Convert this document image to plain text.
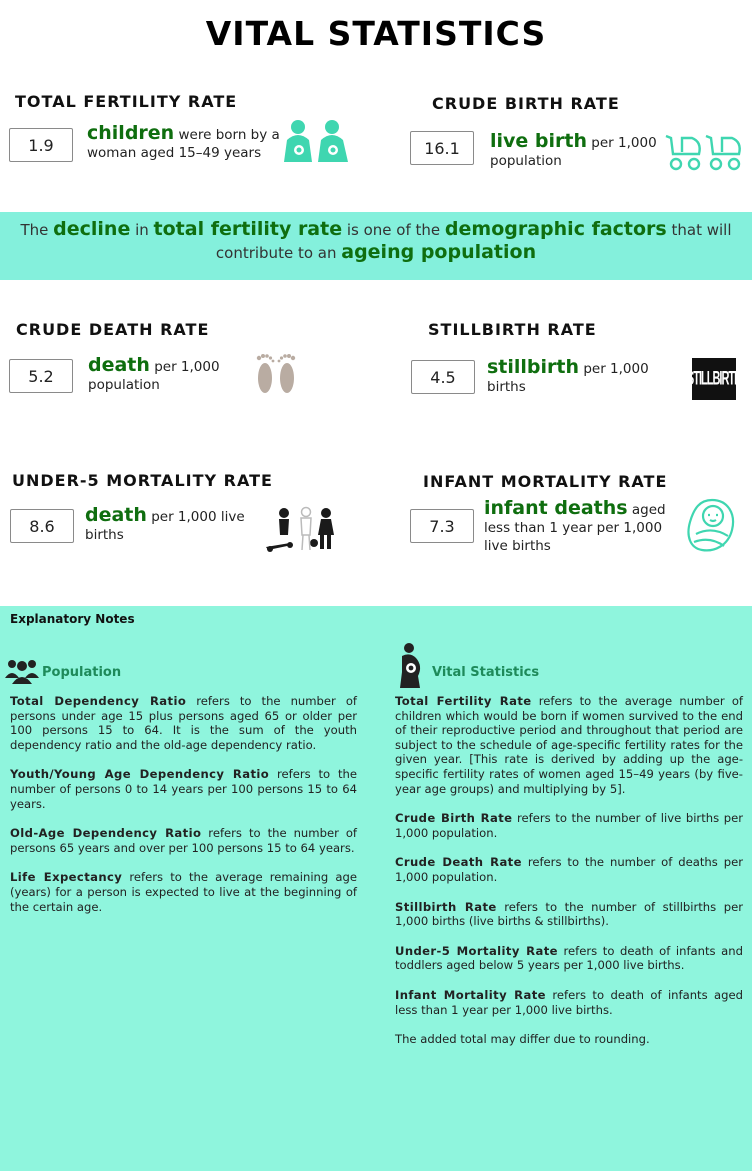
VITAL STATISTICS
TOTAL FERTILITY RATE
1.9
children were born by a woman aged 15–49 years
CRUDE BIRTH RATE
16.1	live birth per 1,000 population
The decline in total fertility rate is one of the demographic factors that will contribute to an ageing population
CRUDE DEATH RATE
5.2	death per 1,000 population
STILLBIRTH RATE
4.5	stillbirth per 1,000 births	STILLBIRTH
UNDER-5 MORTALITY RATE
8.6	death per 1,000 live births
INFANT MORTALITY RATE
7.3
infant deaths aged less than 1 year per 1,000 live births
Explanatory Notes
Population

Total Dependency Ratio refers to the number of persons under age 15 plus persons aged 65 or older per 100 persons 15 to 64. It is the sum of the youth dependency ratio and the old-age dependency ratio.

Youth/Young Age Dependency Ratio refers to the number of persons 0 to 14 years per 100 persons 15 to 64 years.

Old-Age Dependency Ratio refers to the number of persons 65 years and over per 100 persons 15 to 64 years.

Life Expectancy refers to the average remaining age (years) for a person is expected to live at the beginning of the certain age.

Vital Statistics

Total Fertility Rate refers to the average number of children which would be born if women survived to the end of their reproductive period and throughout that period are subject to the schedule of age-specific fertility rates for the given year. [This rate is derived by adding up the age-specific fertility rates of women aged 15–49 years (by five-year age groups) and multiplying by 5].

Crude Birth Rate refers to the number of live births per 1,000 population.

Crude Death Rate refers to the number of deaths per 1,000 population.

Stillbirth Rate refers to the number of stillbirths per 1,000 births (live births & stillbirths).

Under-5 Mortality Rate refers to death of infants and toddlers aged below 5 years per 1,000 live births.

Infant Mortality Rate refers to death of infants aged less than 1 year per 1,000 live births.

The added total may differ due to rounding.
